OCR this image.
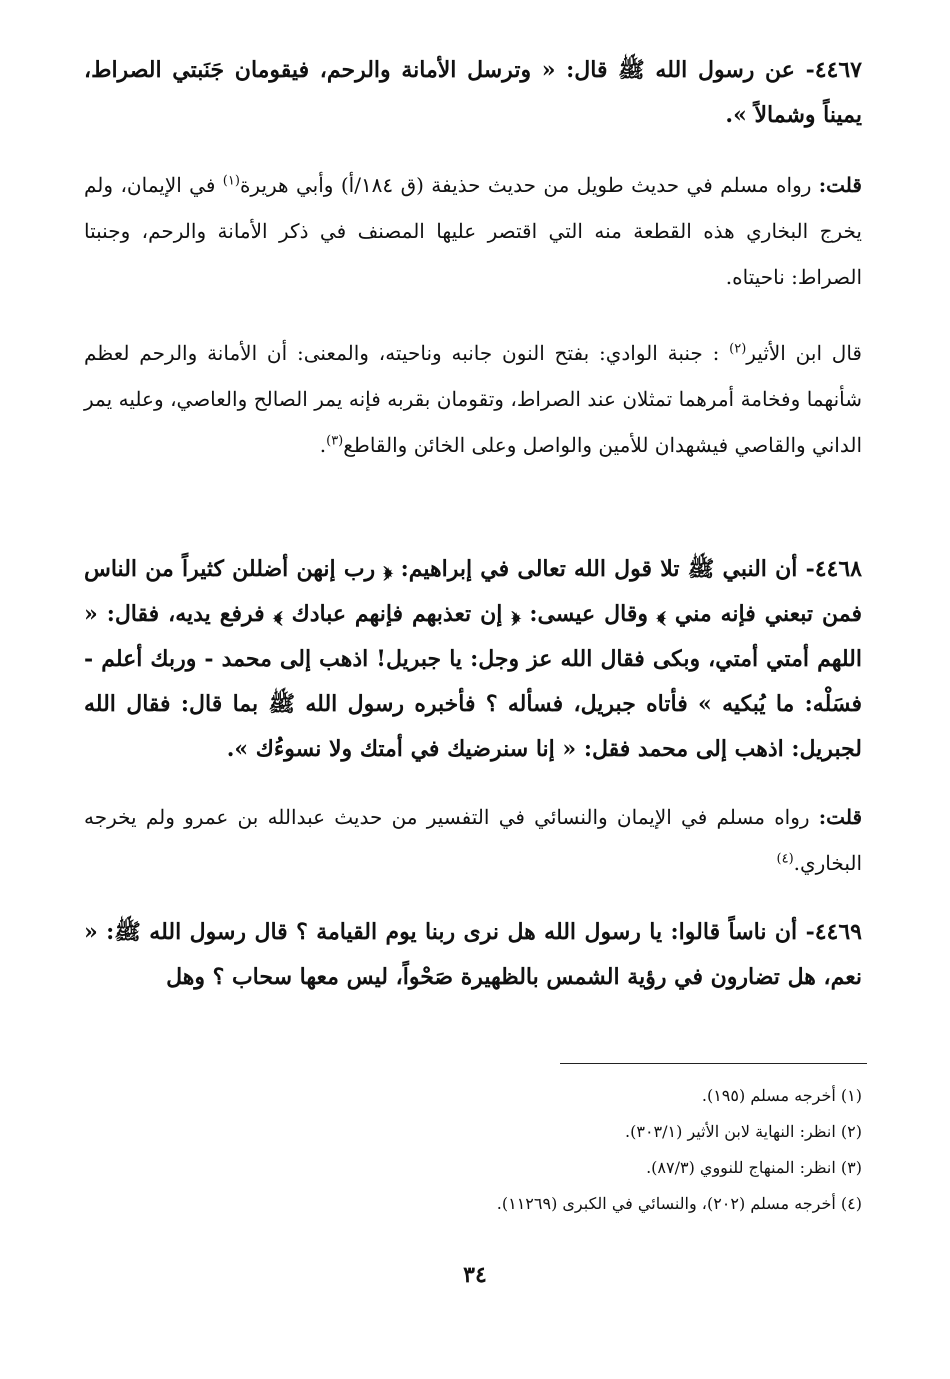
٤٤٦٧- عن رسول الله ﷺ قال: « وترسل الأمانة والرحم، فيقومان جَنَبتي الصراط، يميناً وشمالاً ».

قلت: رواه مسلم في حديث طويل من حديث حذيفة (ق ١٨٤/أ) وأبي هريرة$^{(١)}$ في الإيمان، ولم يخرج البخاري هذه القطعة منه التي اقتصر عليها المصنف في ذكر الأمانة والرحم، وجنبتا الصراط: ناحيتاه.

قال ابن الأثير$^{(٢)}$ : جنبة الوادي: بفتح النون جانبه وناحيته، والمعنى: أن الأمانة والرحم لعظم شأنهما وفخامة أمرهما تمثلان عند الصراط، وتقومان بقربه فإنه يمر الصالح والعاصي، وعليه يمر الداني والقاصي فيشهدان للأمين والواصل وعلى الخائن والقاطع$^{(٣)}$.

٤٤٦٨- أن النبي ﷺ تلا قول الله تعالى في إبراهيم: ﴿ رب إنهن أضللن كثيراً من الناس فمن تبعني فإنه مني ﴾ وقال عيسى: ﴿ إن تعذبهم فإنهم عبادك ﴾ فرفع يديه، فقال: « اللهم أمتي أمتي، وبكى فقال الله عز وجل: يا جبريل! اذهب إلى محمد - وربك أعلم - فسَلْه: ما يُبكيه » فأتاه جبريل، فسأله ؟ فأخبره رسول الله ﷺ بما قال: فقال الله لجبريل: اذهب إلى محمد فقل: « إنا سنرضيك في أمتك ولا نسوءُك ».

قلت: رواه مسلم في الإيمان والنسائي في التفسير من حديث عبدالله بن عمرو ولم يخرجه البخاري.$^{(٤)}$

٤٤٦٩- أن ناساً قالوا: يا رسول الله هل نرى ربنا يوم القيامة ؟ قال رسول الله ﷺ: « نعم، هل تضارون في رؤية الشمس بالظهيرة صَحْواً، ليس معها سحاب ؟ وهل

(١) أخرجه مسلم (١٩٥).
(٢) انظر: النهاية لابن الأثير (٣٠٣/١).
(٣) انظر: المنهاج للنووي (٨٧/٣).
(٤) أخرجه مسلم (٢٠٢)، والنسائي في الكبرى (١١٢٦٩).
٣٤
